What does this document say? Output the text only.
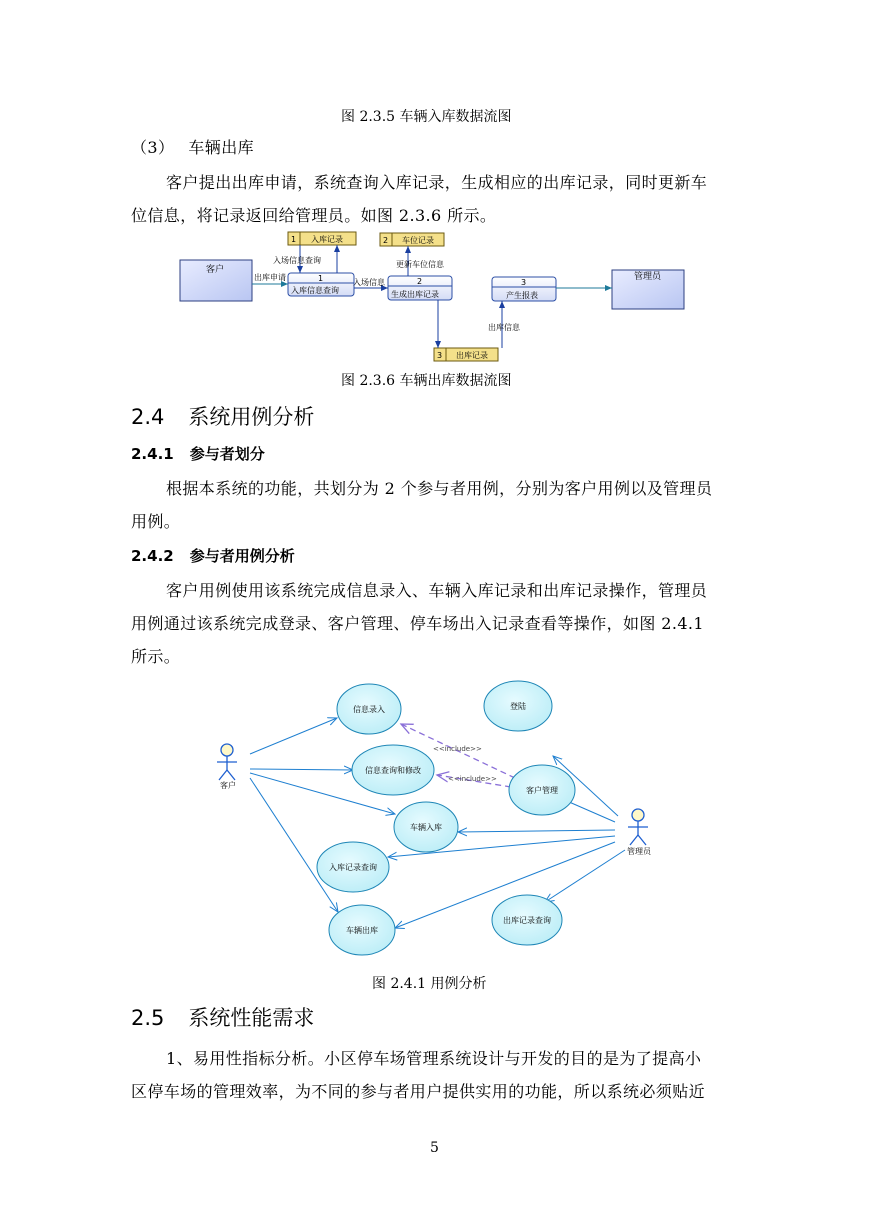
图 2.3.5 车辆入库数据流图
（3） 车辆出库
客户提出出库申请，系统查询入库记录，生成相应的出库记录，同时更新车
位信息，将记录返回给管理员。如图 2.3.6 所示。
客户
管理员
1 入库记录	2 车位记录
3 出库记录
1
入库信息查询
2
生成出库记录
3
产生报表
出库申请
入场信息查询
入场信息
更新车位信息
出库信息
图 2.3.6 车辆出库数据流图
2.4 系统用例分析
2.4.1 参与者划分
根据本系统的功能，共划分为 2 个参与者用例，分别为客户用例以及管理员
用例。
2.4.2 参与者用例分析
客户用例使用该系统完成信息录入、车辆入库记录和出库记录操作，管理员
用例通过该系统完成登录、客户管理、停车场出入记录查看等操作，如图 2.4.1
所示。
客户
管理员
<<include>>
<<include>>
信息录入	登陆
信息查询和修改
客户管理
车辆入库
入库记录查询
车辆出库
出库记录查询
图 2.4.1 用例分析
2.5 系统性能需求
1、易用性指标分析。小区停车场管理系统设计与开发的目的是为了提高小
区停车场的管理效率，为不同的参与者用户提供实用的功能，所以系统必须贴近
5
